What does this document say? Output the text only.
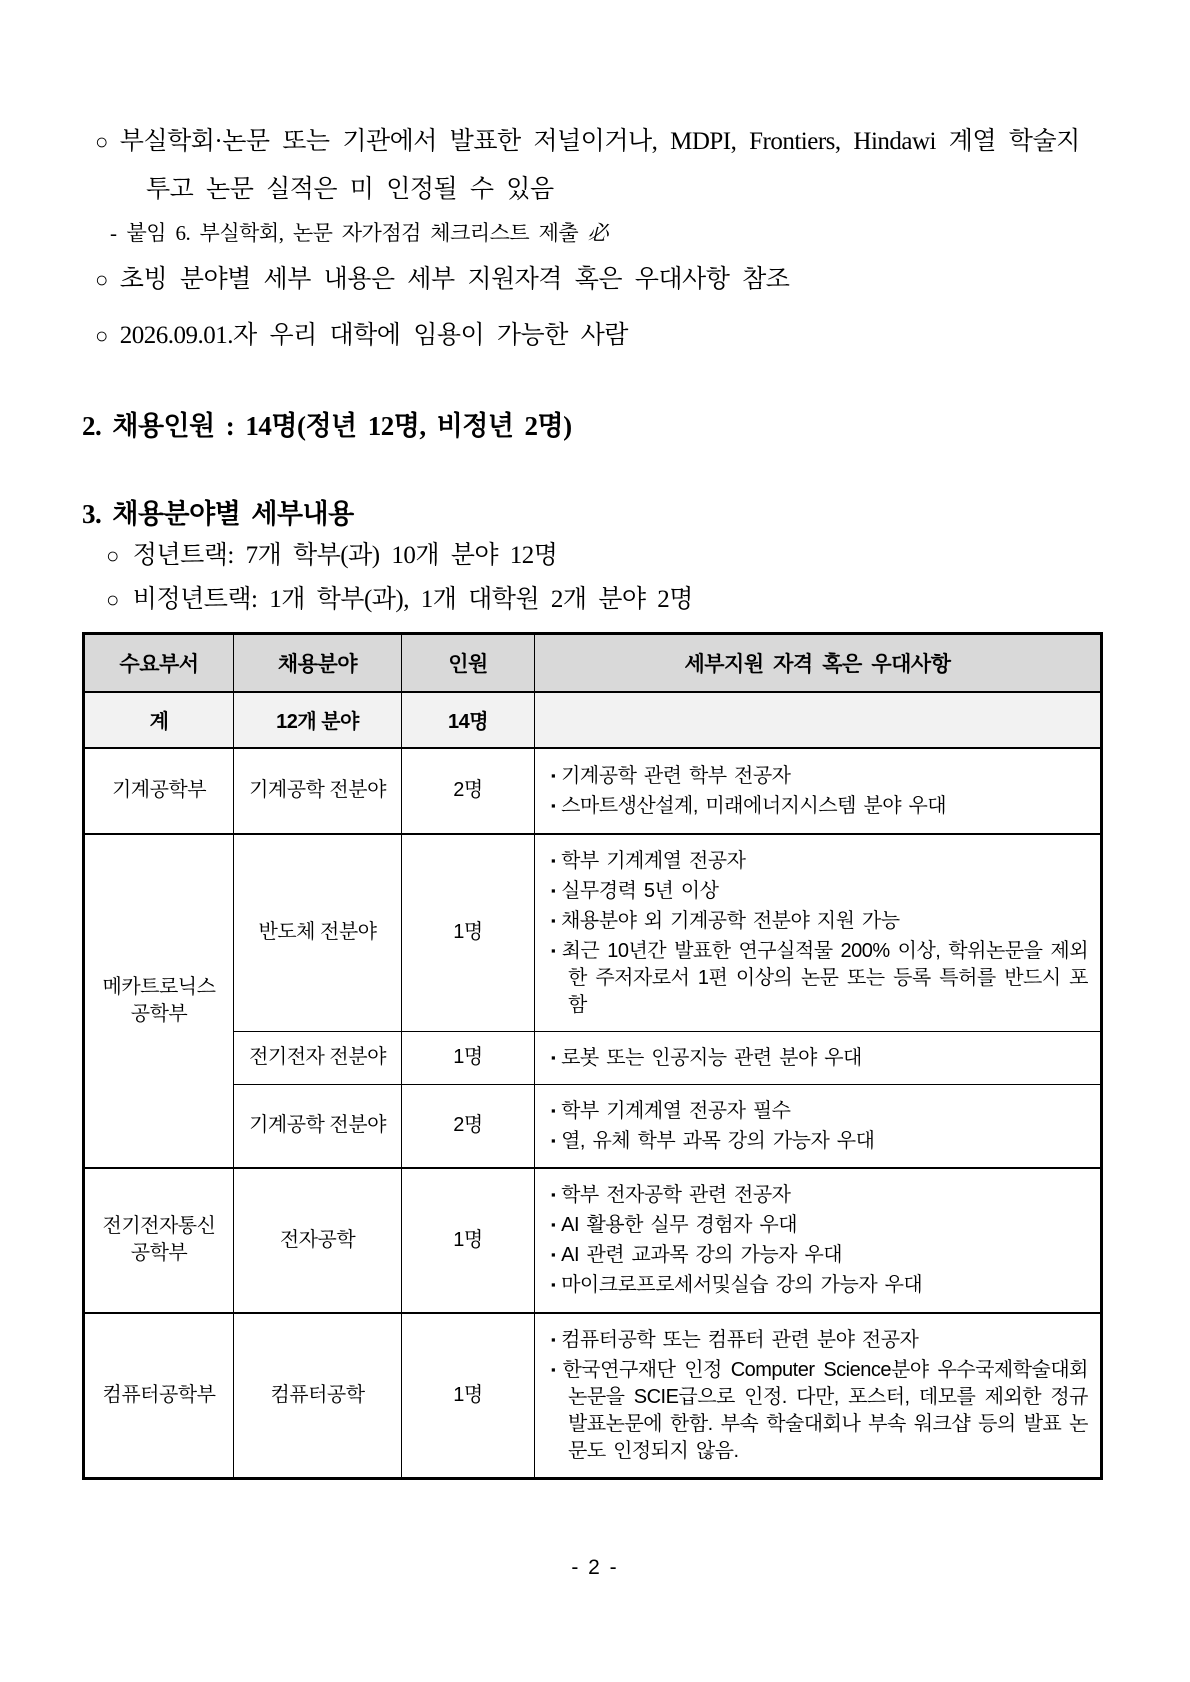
○ 부실학회·논문 또는 기관에서 발표한 저널이거나, MDPI, Frontiers, Hindawi 계열 학술지 투고 논문 실적은 미 인정될 수 있음

- 붙임 6. 부실학회, 논문 자가점검 체크리스트 제출 必

○ 초빙 분야별 세부 내용은 세부 지원자격 혹은 우대사항 참조

○ 2026.09.01.자 우리 대학에 임용이 가능한 사람

2. 채용인원 : 14명(정년 12명, 비정년 2명)
3. 채용분야별 세부내용

○ 정년트랙: 7개 학부(과) 10개 분야 12명

○ 비정년트랙: 1개 학부(과), 1개 대학원 2개 분야 2명

수요부서	채용분야	인원	세부지원 자격 혹은 우대사항
계	12개 분야	14명	
기계공학부	기계공학 전분야	2명	▪ 기계공학 관련 학부 전공자
▪ 스마트생산설계, 미래에너지시스템 분야 우대

메카트로닉스 공학부	반도체 전분야	1명	▪ 학부 기계계열 전공자
▪ 실무경력 5년 이상
▪ 채용분야 외 기계공학 전분야 지원 가능
▪ 최근 10년간 발표한 연구실적물 200% 이상, 학위논문을 제외한 주저자로서 1편 이상의 논문 또는 등록 특허를 반드시 포함

	전기전자 전분야	1명	▪ 로봇 또는 인공지능 관련 분야 우대

	기계공학 전분야	2명	▪ 학부 기계계열 전공자 필수
▪ 열, 유체 학부 과목 강의 가능자 우대

전기전자통신 공학부	전자공학	1명	▪ 학부 전자공학 관련 전공자
▪ AI 활용한 실무 경험자 우대
▪ AI 관련 교과목 강의 가능자 우대
▪ 마이크로프로세서및실습 강의 가능자 우대

컴퓨터공학부	컴퓨터공학	1명	▪ 컴퓨터공학 또는 컴퓨터 관련 분야 전공자
▪ 한국연구재단 인정 Computer Science분야 우수국제학술대회 논문을 SCIE급으로 인정. 다만, 포스터, 데모를 제외한 정규 발표논문에 한함. 부속 학술대회나 부속 워크샵 등의 발표 논문도 인정되지 않음.
- 2 -
